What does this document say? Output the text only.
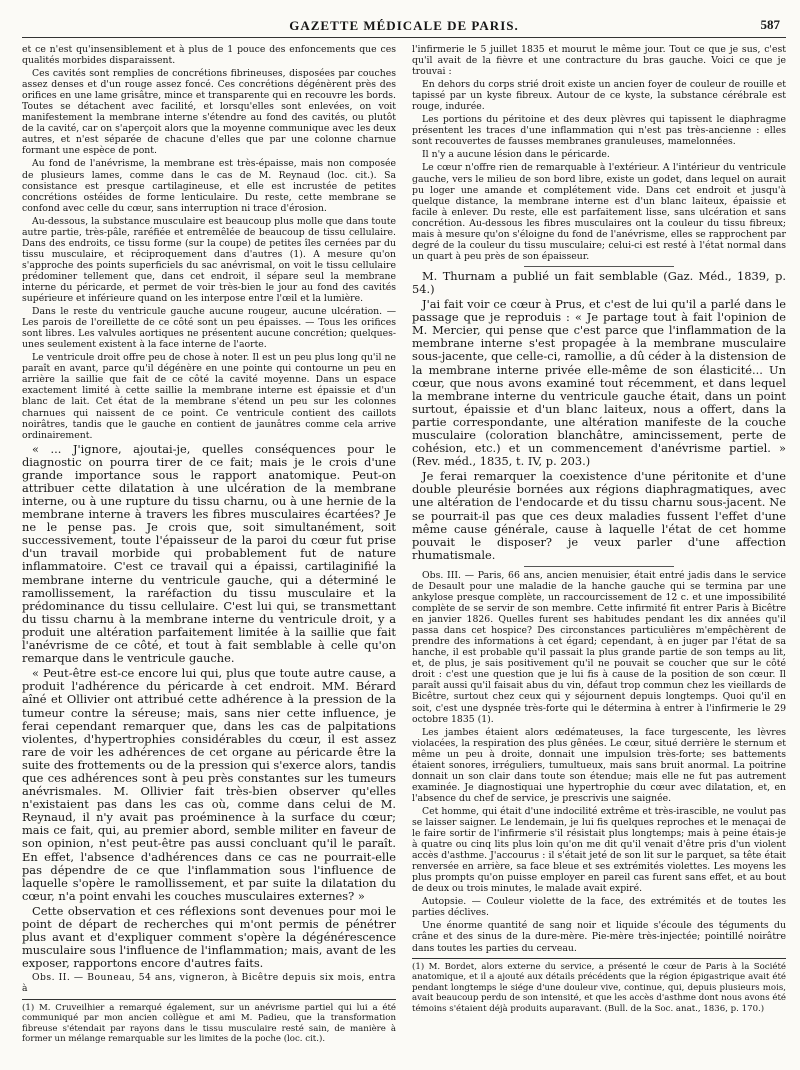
GAZETTE MÉDICALE DE PARIS.	587

et ce n'est qu'insensiblement et à plus de 1 pouce des enfoncements que ces qualités morbides disparaissent.

Ces cavités sont remplies de concrétions fibrineuses, disposées par couches assez denses et d'un rouge assez foncé. Ces concrétions dégénèrent près des orifices en une lame grisâtre, mince et transparente qui en recouvre les bords. Toutes se détachent avec facilité, et lorsqu'elles sont enlevées, on voit manifestement la membrane interne s'étendre au fond des cavités, ou plutôt de la cavité, car on s'aperçoit alors que la moyenne communique avec les deux autres, et n'est séparée de chacune d'elles que par une colonne charnue formant une espèce de pont.

Au fond de l'anévrisme, la membrane est très-épaisse, mais non composée de plusieurs lames, comme dans le cas de M. Reynaud (loc. cit.). Sa consistance est presque cartilagineuse, et elle est incrustée de petites concrétions ostéides de forme lenticulaire. Du reste, cette membrane se confond avec celle du cœur, sans interruption ni trace d'érosion.

Au-dessous, la substance musculaire est beaucoup plus molle que dans toute autre partie, très-pâle, raréfiée et entremêlée de beaucoup de tissu cellulaire. Dans des endroits, ce tissu forme (sur la coupe) de petites îles cernées par du tissu musculaire, et réciproquement dans d'autres (1). A mesure qu'on s'approche des points superficiels du sac anévrismal, on voit le tissu cellulaire prédominer tellement que, dans cet endroit, il sépare seul la membrane interne du péricarde, et permet de voir très-bien le jour au fond des cavités supérieure et inférieure quand on les interpose entre l'œil et la lumière.

Dans le reste du ventricule gauche aucune rougeur, aucune ulcération. — Les parois de l'oreillette de ce côté sont un peu épaisses. — Tous les orifices sont libres. Les valvules aortiques ne présentent aucune concrétion; quelques-unes seulement existent à la face interne de l'aorte.

Le ventricule droit offre peu de chose à noter. Il est un peu plus long qu'il ne paraît en avant, parce qu'il dégénère en une pointe qui contourne un peu en arrière la saillie que fait de ce côté la cavité moyenne. Dans un espace exactement limité à cette saillie la membrane interne est épaissie et d'un blanc de lait. Cet état de la membrane s'étend un peu sur les colonnes charnues qui naissent de ce point. Ce ventricule contient des caillots noirâtres, tandis que le gauche en contient de jaunâtres comme cela arrive ordinairement.

« ... J'ignore, ajoutai-je, quelles conséquences pour le diagnostic on pourra tirer de ce fait; mais je le crois d'une grande importance sous le rapport anatomique. Peut-on attribuer cette dilatation à une ulcération de la membrane interne, ou à une rupture du tissu charnu, ou à une hernie de la membrane interne à travers les fibres musculaires écartées? Je ne le pense pas. Je crois que, soit simultanément, soit successivement, toute l'épaisseur de la paroi du cœur fut prise d'un travail morbide qui probablement fut de nature inflammatoire. C'est ce travail qui a épaissi, cartilaginifié la membrane interne du ventricule gauche, qui a déterminé le ramollissement, la raréfaction du tissu musculaire et la prédominance du tissu cellulaire. C'est lui qui, se transmettant du tissu charnu à la membrane interne du ventricule droit, y a produit une altération parfaitement limitée à la saillie que fait l'anévrisme de ce côté, et tout à fait semblable à celle qu'on remarque dans le ventricule gauche.

« Peut-être est-ce encore lui qui, plus que toute autre cause, a produit l'adhérence du péricarde à cet endroit. MM. Bérard aîné et Ollivier ont attribué cette adhérence à la pression de la tumeur contre la séreuse; mais, sans nier cette influence, je ferai cependant remarquer que, dans les cas de palpitations violentes, d'hypertrophies considérables du cœur, il est assez rare de voir les adhérences de cet organe au péricarde être la suite des frottements ou de la pression qui s'exerce alors, tandis que ces adhérences sont à peu près constantes sur les tumeurs anévrismales. M. Ollivier fait très-bien observer qu'elles n'existaient pas dans les cas où, comme dans celui de M. Reynaud, il n'y avait pas proéminence à la surface du cœur; mais ce fait, qui, au premier abord, semble militer en faveur de son opinion, n'est peut-être pas aussi concluant qu'il le paraît. En effet, l'absence d'adhérences dans ce cas ne pourrait-elle pas dépendre de ce que l'inflammation sous l'influence de laquelle s'opère le ramollissement, et par suite la dilatation du cœur, n'a point envahi les couches musculaires externes? »

Cette observation et ces réflexions sont devenues pour moi le point de départ de recherches qui m'ont permis de pénétrer plus avant et d'expliquer comment s'opère la dégénérescence musculaire sous l'influence de l'inflammation; mais, avant de les exposer, rapportons encore d'autres faits.

Obs. II. — Bouneau, 54 ans, vigneron, à Bicêtre depuis six mois, entra à

(1) M. Cruveilhier a remarqué également, sur un anévrisme partiel qui lui a été communiqué par mon ancien collègue et ami M. Padieu, que la transformation fibreuse s'étendait par rayons dans le tissu musculaire resté sain, de manière à former un mélange remarquable sur les limites de la poche (loc. cit.).

l'infirmerie le 5 juillet 1835 et mourut le même jour. Tout ce que je sus, c'est qu'il avait de la fièvre et une contracture du bras gauche. Voici ce que je trouvai :

En dehors du corps strié droit existe un ancien foyer de couleur de rouille et tapissé par un kyste fibreux. Autour de ce kyste, la substance cérébrale est rouge, indurée.

Les portions du péritoine et des deux plèvres qui tapissent le diaphragme présentent les traces d'une inflammation qui n'est pas très-ancienne : elles sont recouvertes de fausses membranes granuleuses, mamelonnées.

Il n'y a aucune lésion dans le péricarde.

Le cœur n'offre rien de remarquable à l'extérieur. A l'intérieur du ventricule gauche, vers le milieu de son bord libre, existe un godet, dans lequel on aurait pu loger une amande et complétement vide. Dans cet endroit et jusqu'à quelque distance, la membrane interne est d'un blanc laiteux, épaissie et facile à enlever. Du reste, elle est parfaitement lisse, sans ulcération et sans concrétion. Au-dessous les fibres musculaires ont la couleur du tissu fibreux; mais à mesure qu'on s'éloigne du fond de l'anévrisme, elles se rapprochent par degré de la couleur du tissu musculaire; celui-ci est resté à l'état normal dans un quart à peu près de son épaisseur.

M. Thurnam a publié un fait semblable (Gaz. Méd., 1839, p. 54.)

J'ai fait voir ce cœur à Prus, et c'est de lui qu'il a parlé dans le passage que je reproduis : « Je partage tout à fait l'opinion de M. Mercier, qui pense que c'est parce que l'inflammation de la membrane interne s'est propagée à la membrane musculaire sous-jacente, que celle-ci, ramollie, a dû céder à la distension de la membrane interne privée elle-même de son élasticité... Un cœur, que nous avons examiné tout récemment, et dans lequel la membrane interne du ventricule gauche était, dans un point surtout, épaissie et d'un blanc laiteux, nous a offert, dans la partie correspondante, une altération manifeste de la couche musculaire (coloration blanchâtre, amincissement, perte de cohésion, etc.) et un commencement d'anévrisme partiel. » (Rev. méd., 1835, t. IV, p. 203.)

Je ferai remarquer la coexistence d'une péritonite et d'une double pleurésie bornées aux régions diaphragmatiques, avec une altération de l'endocarde et du tissu charnu sous-jacent. Ne se pourrait-il pas que ces deux maladies fussent l'effet d'une même cause générale, cause à laquelle l'état de cet homme pouvait le disposer? je veux parler d'une affection rhumatismale.

Obs. III. — Paris, 66 ans, ancien menuisier, était entré jadis dans le service de Desault pour une maladie de la hanche gauche qui se termina par une ankylose presque complète, un raccourcissement de 12 c. et une impossibilité complète de se servir de son membre. Cette infirmité fit entrer Paris à Bicêtre en janvier 1826. Quelles furent ses habitudes pendant les dix années qu'il passa dans cet hospice? Des circonstances particulières m'empêchèrent de prendre des informations à cet égard; cependant, à en juger par l'état de sa hanche, il est probable qu'il passait la plus grande partie de son temps au lit, et, de plus, je sais positivement qu'il ne pouvait se coucher que sur le côté droit : c'est une question que je lui fis à cause de la position de son cœur. Il paraît aussi qu'il faisait abus du vin, défaut trop commun chez les vieillards de Bicêtre, surtout chez ceux qui y séjournent depuis longtemps. Quoi qu'il en soit, c'est une dyspnée très-forte qui le détermina à entrer à l'infirmerie le 29 octobre 1835 (1).

Les jambes étaient alors œdémateuses, la face turgescente, les lèvres violacées, la respiration des plus gênées. Le cœur, situé derrière le sternum et même un peu à droite, donnait une impulsion très-forte; ses battements étaient sonores, irréguliers, tumultueux, mais sans bruit anormal. La poitrine donnait un son clair dans toute son étendue; mais elle ne fut pas autrement examinée. Je diagnostiquai une hypertrophie du cœur avec dilatation, et, en l'absence du chef de service, je prescrivis une saignée.

Cet homme, qui était d'une indocilité extrême et très-irascible, ne voulut pas se laisser saigner. Le lendemain, je lui fis quelques reproches et le menaçai de le faire sortir de l'infirmerie s'il résistait plus longtemps; mais à peine étais-je à quatre ou cinq lits plus loin qu'on me dit qu'il venait d'être pris d'un violent accès d'asthme. J'accourus : il s'était jeté de son lit sur le parquet, sa tête était renversée en arrière, sa face bleue et ses extrémités violettes. Les moyens les plus prompts qu'on puisse employer en pareil cas furent sans effet, et au bout de deux ou trois minutes, le malade avait expiré.

Autopsie. — Couleur violette de la face, des extrémités et de toutes les parties déclives.

Une énorme quantité de sang noir et liquide s'écoule des téguments du crâne et des sinus de la dure-mère. Pie-mère très-injectée; pointillé noirâtre dans toutes les parties du cerveau.

(1) M. Bordet, alors externe du service, a présenté le cœur de Paris à la Société anatomique, et il a ajouté aux détails précédents que la région épigastrique avait été pendant longtemps le siége d'une douleur vive, continue, qui, depuis plusieurs mois, avait beaucoup perdu de son intensité, et que les accès d'asthme dont nous avons été témoins s'étaient déjà produits auparavant. (Bull. de la Soc. anat., 1836, p. 170.)
